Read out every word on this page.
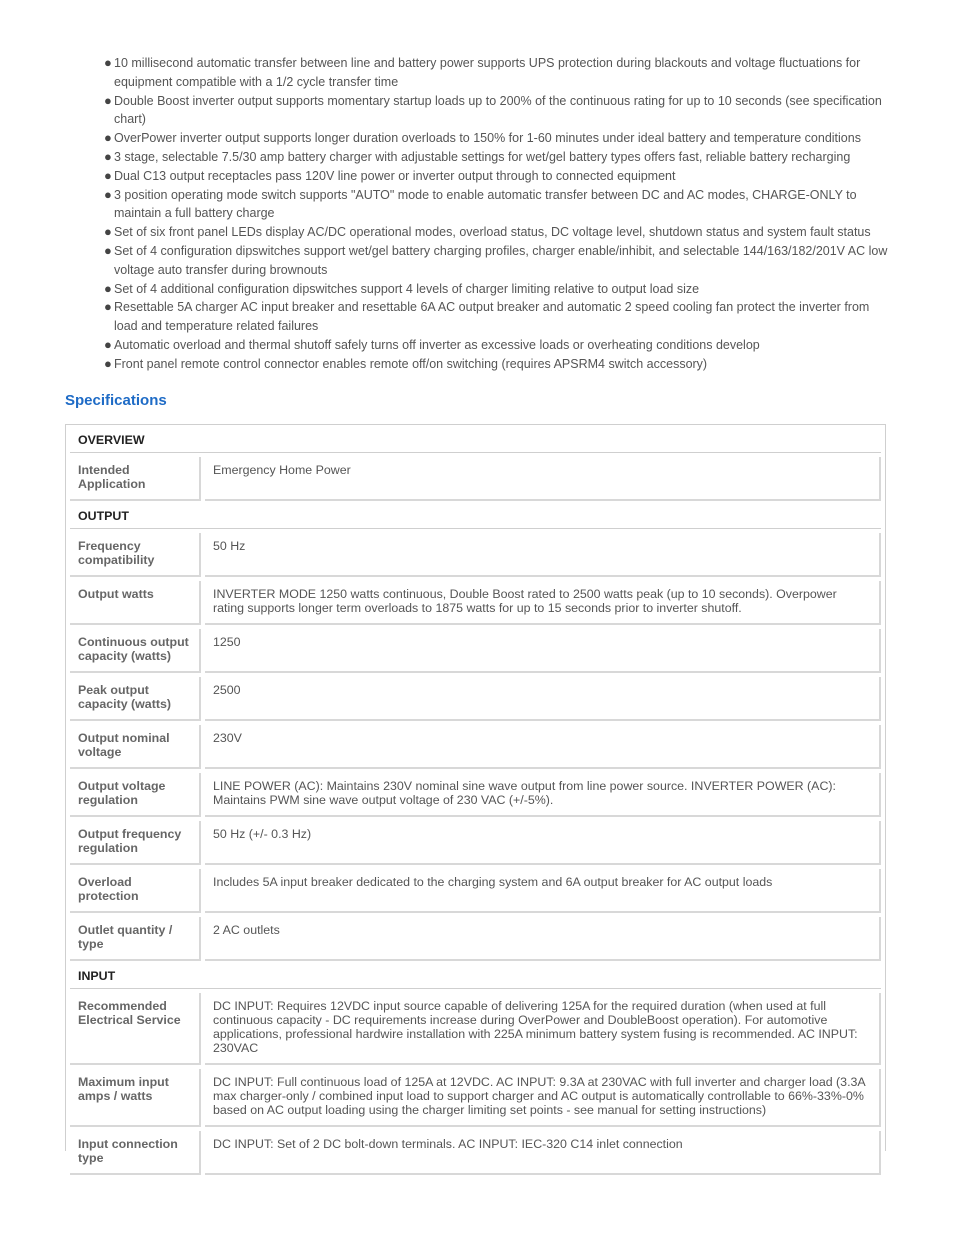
● 10 millisecond automatic transfer between line and battery power supports UPS protection during blackouts and voltage fluctuations for equipment compatible with a 1/2 cycle transfer time
● Double Boost inverter output supports momentary startup loads up to 200% of the continuous rating for up to 10 seconds (see specification chart)
● OverPower inverter output supports longer duration overloads to 150% for 1-60 minutes under ideal battery and temperature conditions
● 3 stage, selectable 7.5/30 amp battery charger with adjustable settings for wet/gel battery types offers fast, reliable battery recharging
● Dual C13 output receptacles pass 120V line power or inverter output through to connected equipment
● 3 position operating mode switch supports "AUTO" mode to enable automatic transfer between DC and AC modes, CHARGE-ONLY to maintain a full battery charge
● Set of six front panel LEDs display AC/DC operational modes, overload status, DC voltage level, shutdown status and system fault status
● Set of 4 configuration dipswitches support wet/gel battery charging profiles, charger enable/inhibit, and selectable 144/163/182/201V AC low voltage auto transfer during brownouts
● Set of 4 additional configuration dipswitches support 4 levels of charger limiting relative to output load size
● Resettable 5A charger AC input breaker and resettable 6A AC output breaker and automatic 2 speed cooling fan protect the inverter from load and temperature related failures
● Automatic overload and thermal shutoff safely turns off inverter as excessive loads or overheating conditions develop
● Front panel remote control connector enables remote off/on switching (requires APSRM4 switch accessory)
Specifications
OVERVIEW	
Intended Application	Emergency Home Power
OUTPUT	
Frequency compatibility	50 Hz
Output watts	INVERTER MODE 1250 watts continuous, Double Boost rated to 2500 watts peak (up to 10 seconds). Overpower rating supports longer term overloads to 1875 watts for up to 15 seconds prior to inverter shutoff.
Continuous output capacity (watts)	1250
Peak output capacity (watts)	2500
Output nominal voltage	230V
Output voltage regulation	LINE POWER (AC): Maintains 230V nominal sine wave output from line power source. INVERTER POWER (AC): Maintains PWM sine wave output voltage of 230 VAC (+/-5%).
Output frequency regulation	50 Hz (+/- 0.3 Hz)
Overload protection	Includes 5A input breaker dedicated to the charging system and 6A output breaker for AC output loads
Outlet quantity / type	2 AC outlets
INPUT	
Recommended Electrical Service	DC INPUT: Requires 12VDC input source capable of delivering 125A for the required duration (when used at full continuous capacity - DC requirements increase during OverPower and DoubleBoost operation). For automotive applications, professional hardwire installation with 225A minimum battery system fusing is recommended. AC INPUT: 230VAC
Maximum input amps / watts	DC INPUT: Full continuous load of 125A at 12VDC. AC INPUT: 9.3A at 230VAC with full inverter and charger load (3.3A max charger-only / combined input load to support charger and AC output is automatically controllable to 66%-33%-0% based on AC output loading using the charger limiting set points - see manual for setting instructions)
Input connection type	DC INPUT: Set of 2 DC bolt-down terminals. AC INPUT: IEC-320 C14 inlet connection
